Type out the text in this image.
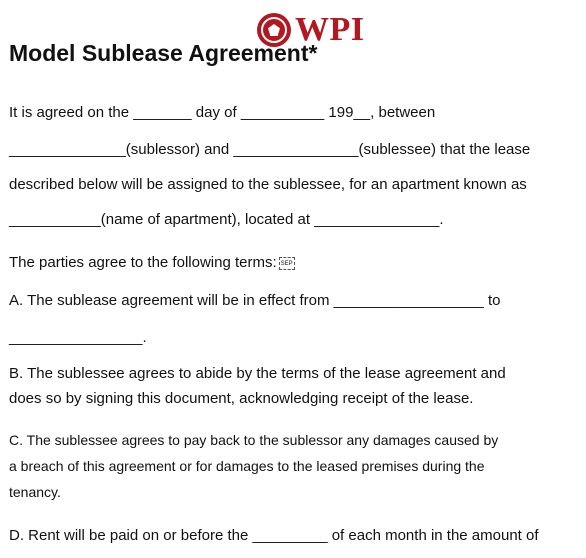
WPI
Model Sublease Agreement*
It is agreed on the _______ day of __________ 199__, between
______________(sublessor) and _______________(sublessee) that the lease
described below will be assigned to the sublessee, for an apartment known as
___________(name of apartment), located at _______________.
The parties agree to the following terms: SEP
A. The sublease agreement will be in effect from __________________ to
________________.
B. The sublessee agrees to abide by the terms of the lease agreement and
does so by signing this document, acknowledging receipt of the lease.
C. The sublessee agrees to pay back to the sublessor any damages caused by
a breach of this agreement or for damages to the leased premises during the
tenancy.
D. Rent will be paid on or before the _________ of each month in the amount of
